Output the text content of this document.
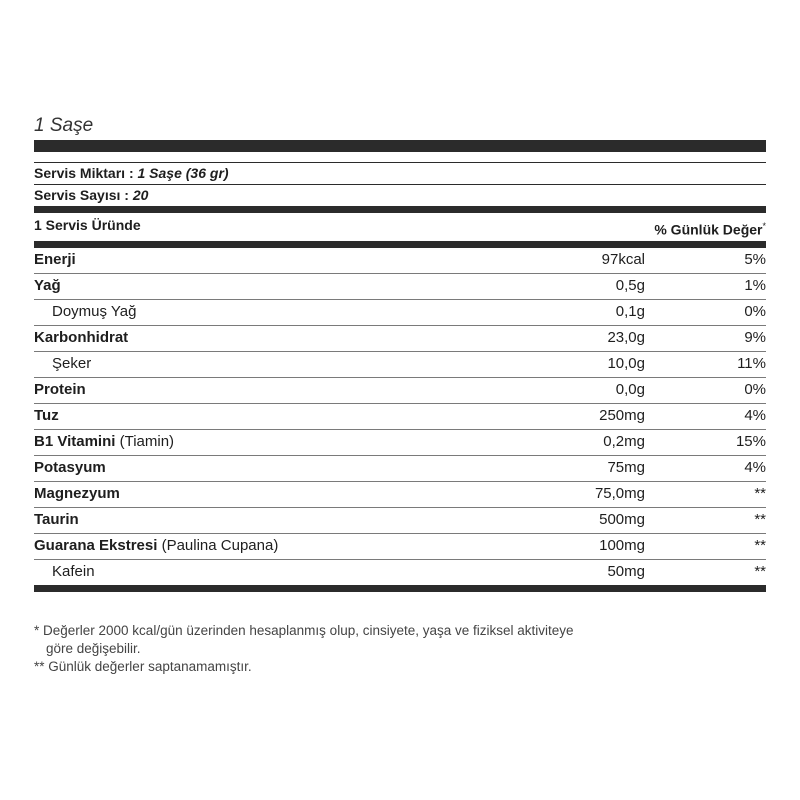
1 Saşe
Servis Miktarı : 1 Saşe (36 gr)
Servis Sayısı : 20
1 Servis Üründe	% Günlük Değer*
Enerji	97kcal	5%
Yağ	0,5g	1%
Doymuş Yağ	0,1g	0%
Karbonhidrat	23,0g	9%
Şeker	10,0g	11%
Protein	0,0g	0%
Tuz	250mg	4%
B1 Vitamini (Tiamin)	0,2mg	15%
Potasyum	75mg	4%
Magnezyum	75,0mg	**
Taurin	500mg	**
Guarana Ekstresi (Paulina Cupana)	100mg	**
Kafein	50mg	**

* Değerler 2000 kcal/gün üzerinden hesaplanmış olup, cinsiyete, yaşa ve fiziksel aktiviteye

göre değişebilir.

** Günlük değerler saptanamamıştır.
